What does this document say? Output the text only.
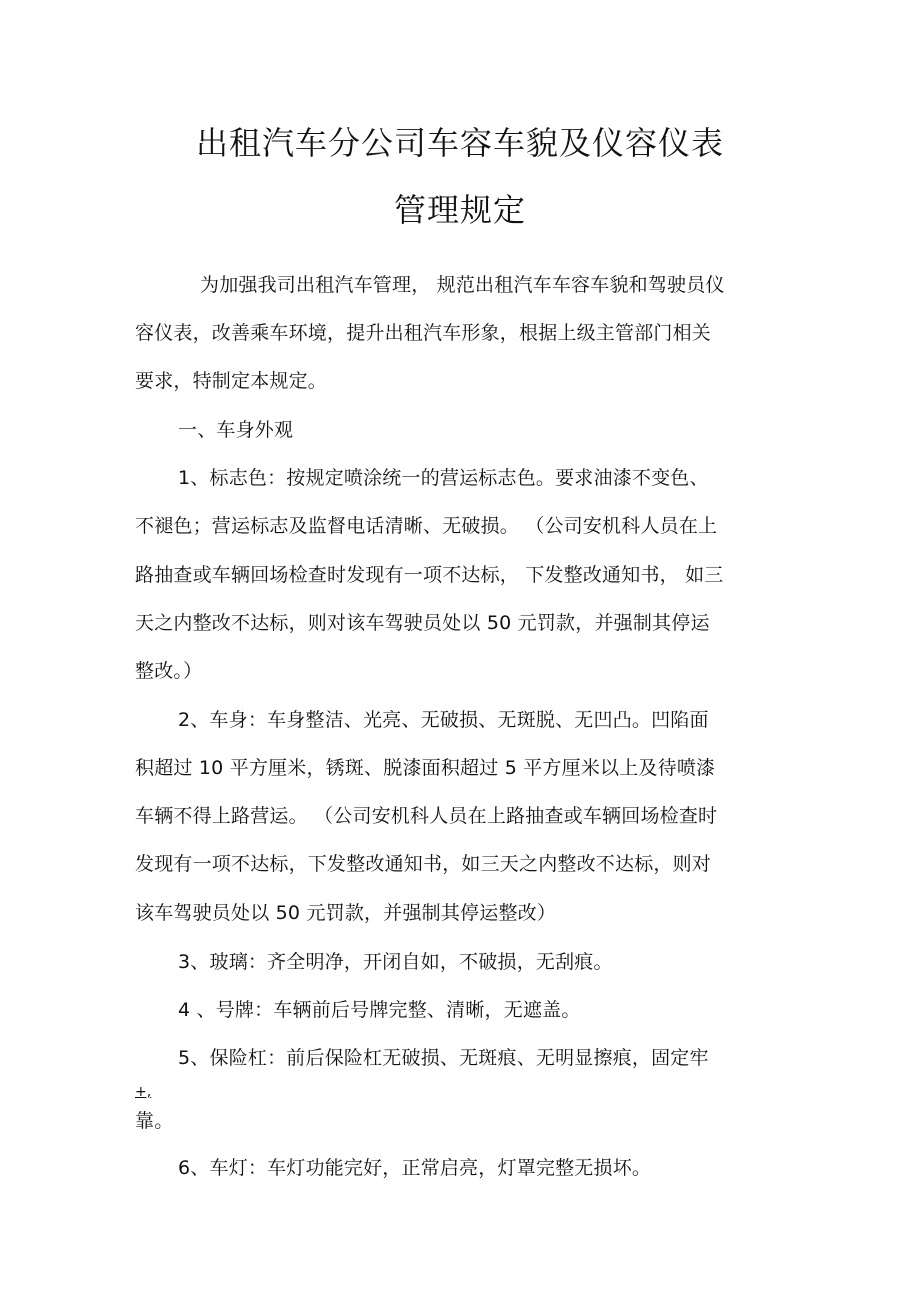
出租汽车分公司车容车貌及仪容仪表
管理规定
为加强我司出租汽车管理， 规范出租汽车车容车貌和驾驶员仪
容仪表，改善乘车环境，提升出租汽车形象，根据上级主管部门相关
要求，特制定本规定。
一、车身外观
1、标志色：按规定喷涂统一的营运标志色。要求油漆不变色、
不褪色；营运标志及监督电话清晰、无破损。 （公司安机科人员在上
路抽查或车辆回场检查时发现有一项不达标， 下发整改通知书， 如三
天之内整改不达标，则对该车驾驶员处以 50 元罚款，并强制其停运
整改。）
2、车身：车身整洁、光亮、无破损、无斑脱、无凹凸。凹陷面
积超过 10 平方厘米，锈斑、脱漆面积超过 5 平方厘米以上及待喷漆
车辆不得上路营运。 （公司安机科人员在上路抽查或车辆回场检查时
发现有一项不达标，下发整改通知书，如三天之内整改不达标，则对
该车驾驶员处以 50 元罚款，并强制其停运整改）
3、玻璃：齐全明净，开闭自如，不破损，无刮痕。
4 、号牌：车辆前后号牌完整、清晰，无遮盖。
5、保险杠：前后保险杠无破损、无斑痕、无明显擦痕，固定牢
+,
靠。
6、车灯：车灯功能完好，正常启亮，灯罩完整无损坏。
